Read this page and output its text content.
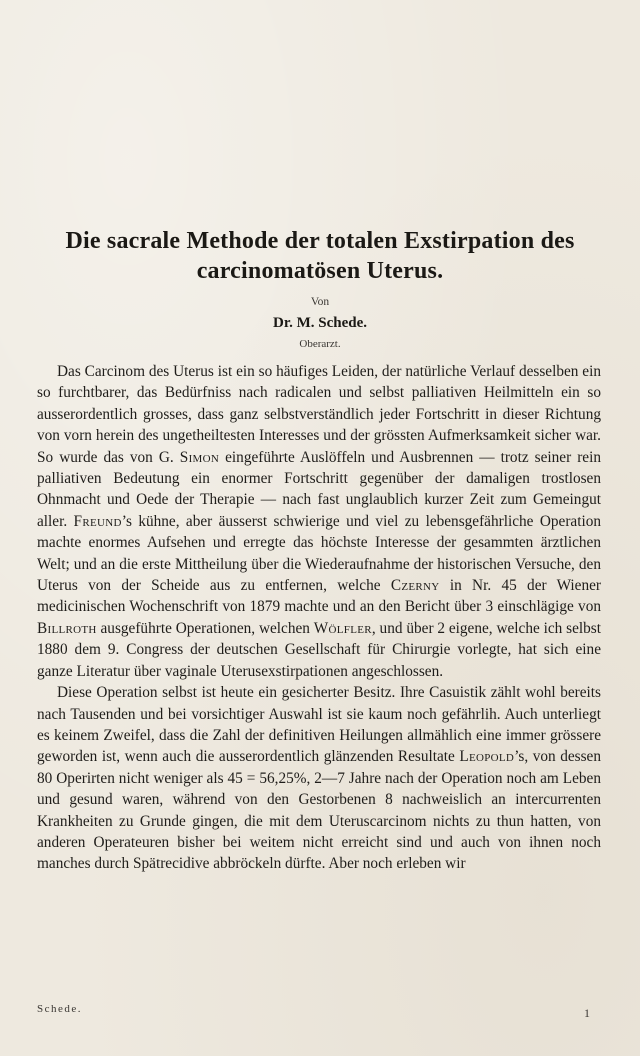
Die sacrale Methode der totalen Exstirpation des carcinomatösen Uterus.
Von
Dr. M. Schede.
Oberarzt.

Das Carcinom des Uterus ist ein so häufiges Leiden, der natürliche Verlauf desselben ein so furchtbarer, das Bedürfniss nach radicalen und selbst palliativen Heilmitteln ein so ausserordentlich grosses, dass ganz selbstverständlich jeder Fortschritt in dieser Richtung von vorn herein des ungetheiltesten Interesses und der grössten Aufmerksamkeit sicher war. So wurde das von G. Simon eingeführte Auslöffeln und Ausbrennen — trotz seiner rein palliativen Bedeutung ein enormer Fortschritt gegenüber der damaligen trostlosen Ohnmacht und Oede der Therapie — nach fast unglaublich kurzer Zeit zum Gemeingut aller. Freund’s kühne, aber äusserst schwierige und viel zu lebensgefährliche Operation machte enormes Aufsehen und erregte das höchste Interesse der gesammten ärztlichen Welt; und an die erste Mittheilung über die Wiederaufnahme der historischen Versuche, den Uterus von der Scheide aus zu entfernen, welche Czerny in Nr. 45 der Wiener medicinischen Wochenschrift von 1879 machte und an den Bericht über 3 einschlägige von Billroth ausgeführte Operationen, welchen Wölfler, und über 2 eigene, welche ich selbst 1880 dem 9. Congress der deutschen Gesellschaft für Chirurgie vorlegte, hat sich eine ganze Literatur über vaginale Uterusexstirpationen angeschlossen.

Diese Operation selbst ist heute ein gesicherter Besitz. Ihre Casuistik zählt wohl bereits nach Tausenden und bei vorsichtiger Auswahl ist sie kaum noch gefährlih. Auch unterliegt es keinem Zweifel, dass die Zahl der definitiven Heilungen allmählich eine immer grössere geworden ist, wenn auch die ausserordentlich glänzenden Resultate Leopold’s, von dessen 80 Operirten nicht weniger als 45 = 56,25%, 2—7 Jahre nach der Operation noch am Leben und gesund waren, während von den Gestorbenen 8 nachweislich an intercurrenten Krankheiten zu Grunde gingen, die mit dem Uteruscarcinom nichts zu thun hatten, von anderen Operateuren bisher bei weitem nicht erreicht sind und auch von ihnen noch manches durch Spätrecidive abbröckeln dürfte. Aber noch erleben wir

Schede.	1
